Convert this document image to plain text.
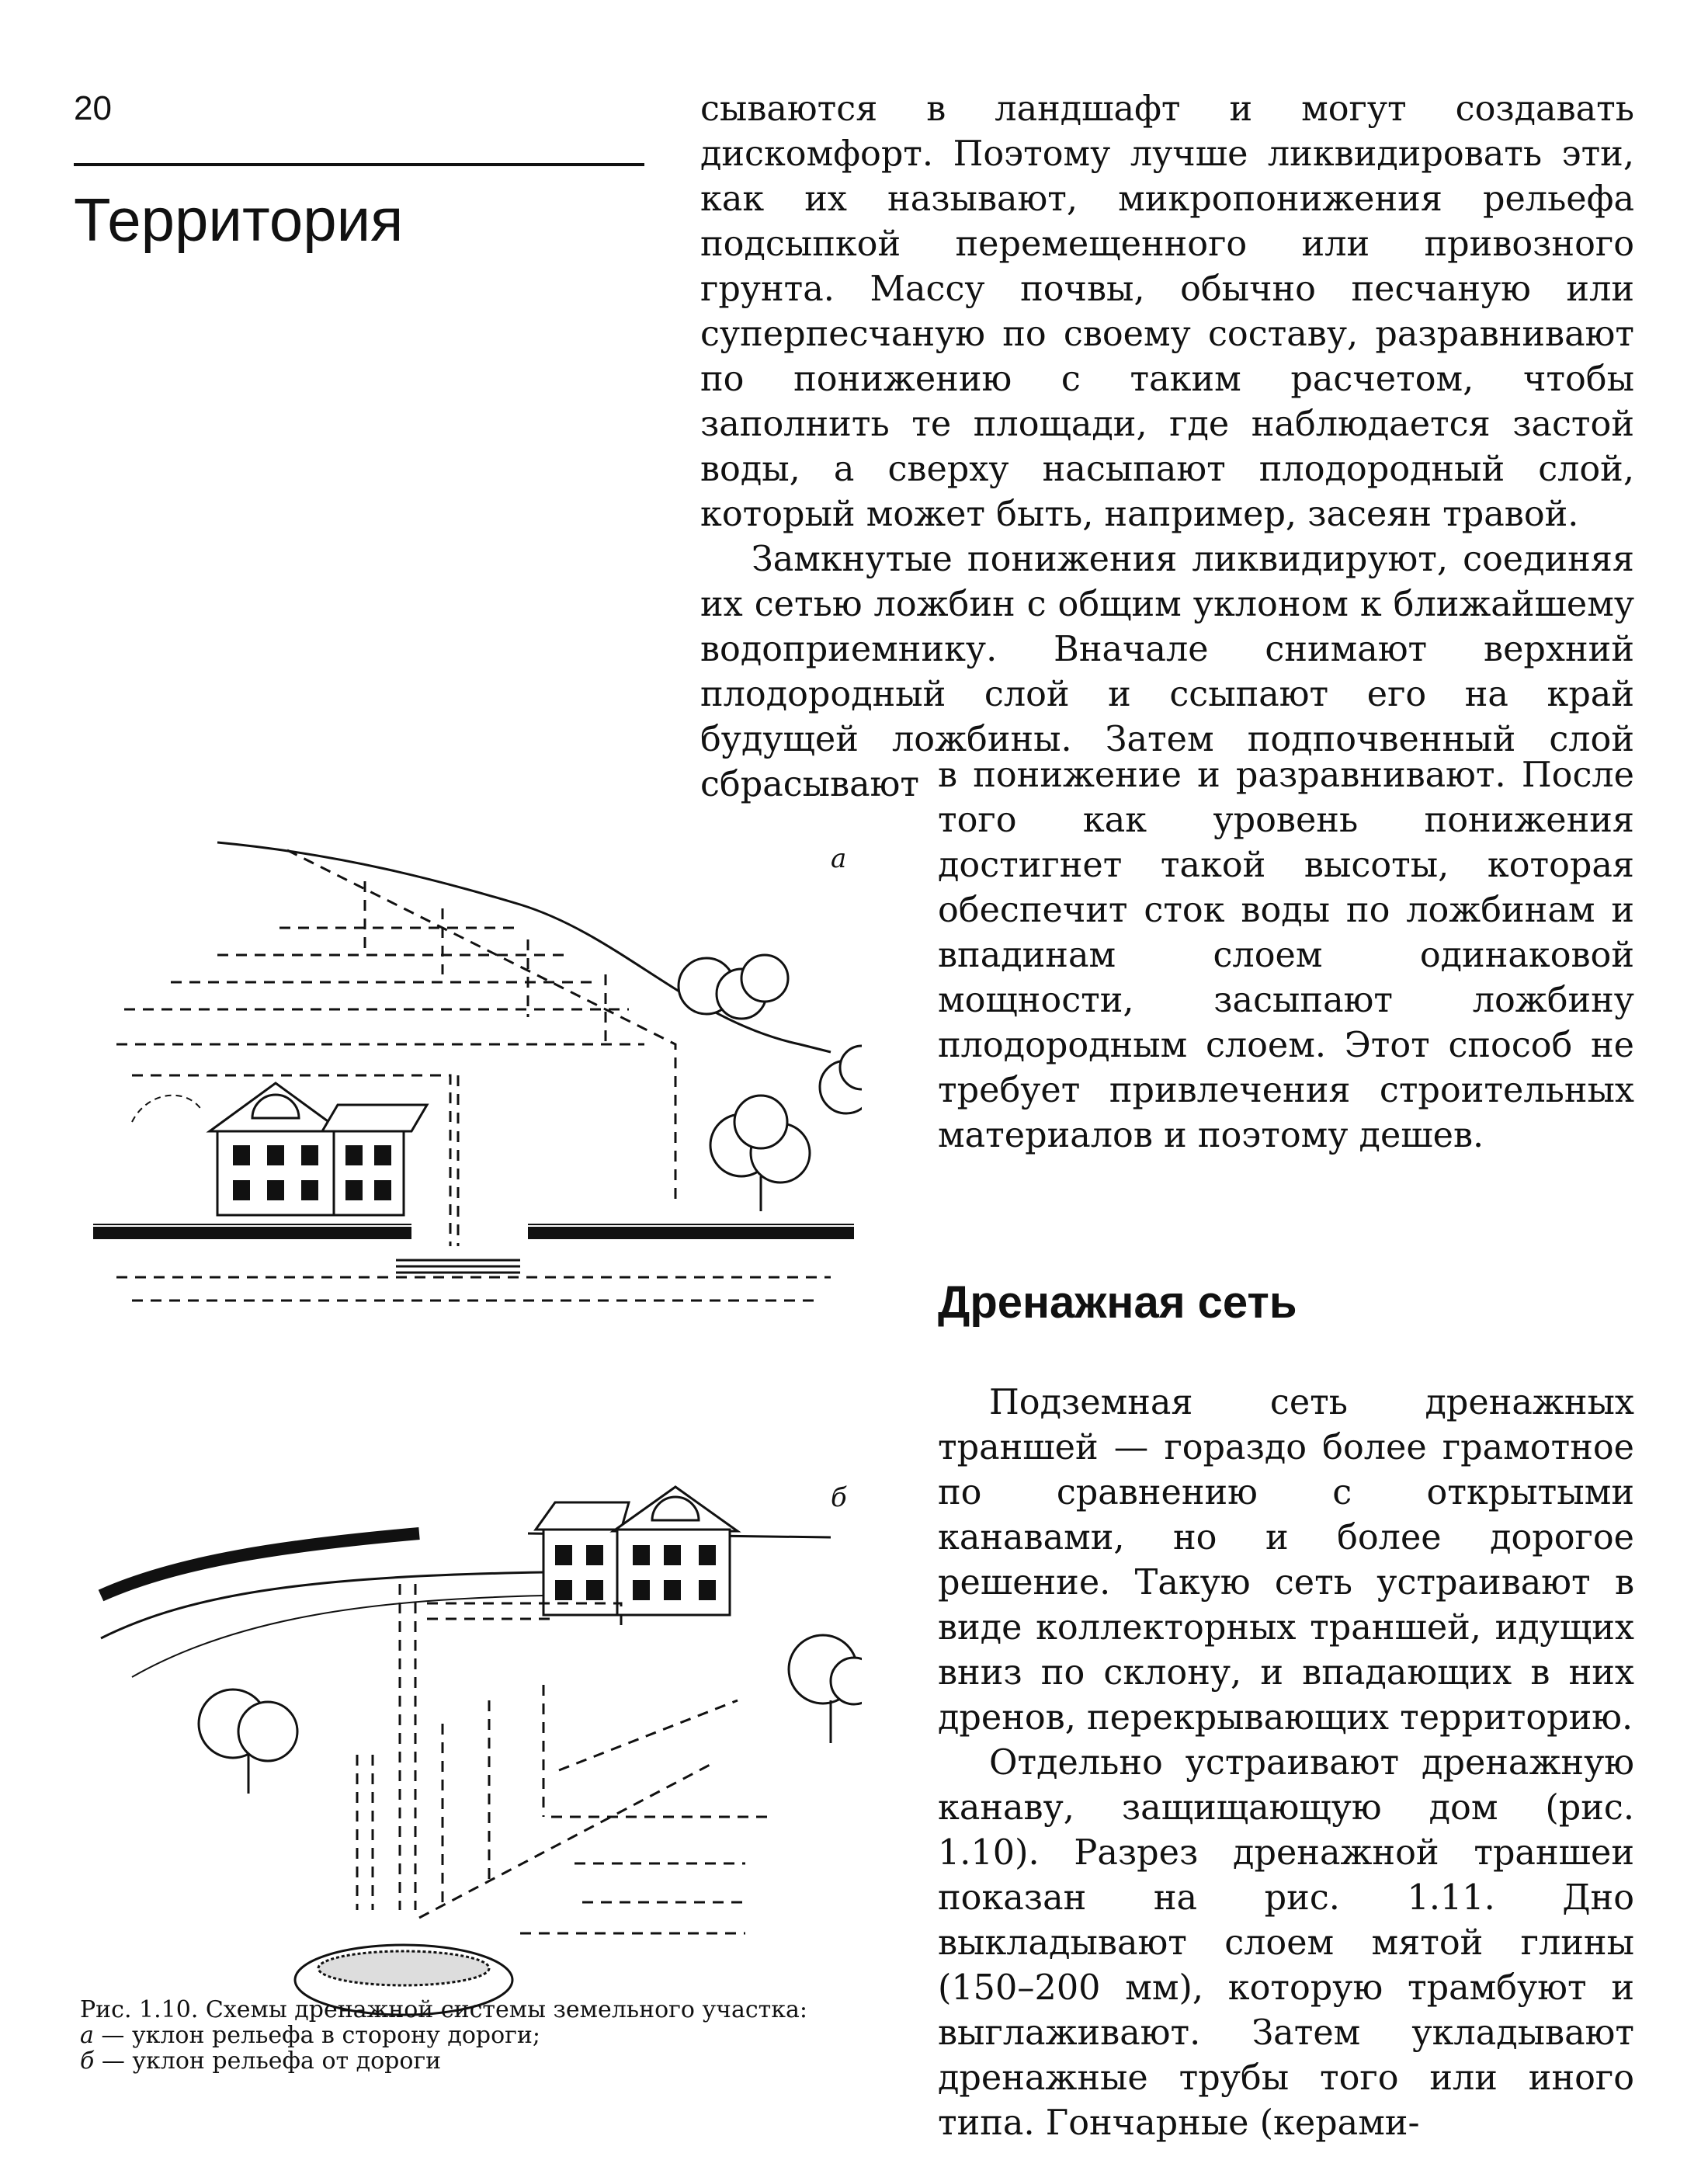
20
Территория

сываются в ландшафт и могут создавать дискомфорт. Поэтому лучше ликвидировать эти, как их называют, микропонижения рельефа подсыпкой перемещенного или привозного грунта. Массу почвы, обычно песчаную или суперпесчаную по своему составу, разравнивают по понижению с таким расчетом, чтобы заполнить те площади, где наблюдается застой воды, а сверху насыпают плодородный слой, который может быть, например, засеян травой.

Замкнутые понижения ликвидируют, соединяя их сетью ложбин с общим уклоном к ближайшему водоприемнику. Вначале снимают верхний плодородный слой и ссыпают его на край будущей ложбины. Затем подпочвенный слой сбрасывают в понижение и разравнивают. После того как уровень понижения достигнет такой высоты, которая обеспечит сток воды по ложбинам и впадинам слоем одинаковой мощности, засыпают ложбину плодородным слоем. Этот способ не требует привлечения строительных материалов и поэтому дешев.

Дренажная сеть

Подземная сеть дренажных траншей — гораздо более грамотное по сравнению с открытыми канавами, но и более дорогое решение. Такую сеть устраивают в виде коллекторных траншей, идущих вниз по склону, и впадающих в них дренов, перекрывающих территорию.

Отдельно устраивают дренажную канаву, защищающую дом (рис. 1.10). Разрез дренажной траншеи показан на рис. 1.11. Дно выкладывают слоем мятой глины (150–200 мм), которую трамбуют и выглаживают. Затем укладывают дренажные трубы того или иного типа. Гончарные (керами-

а
б
Рис. 1.10. Схемы дренажной системы земельного участка:
а — уклон рельефа в сторону дороги;
б — уклон рельефа от дороги
